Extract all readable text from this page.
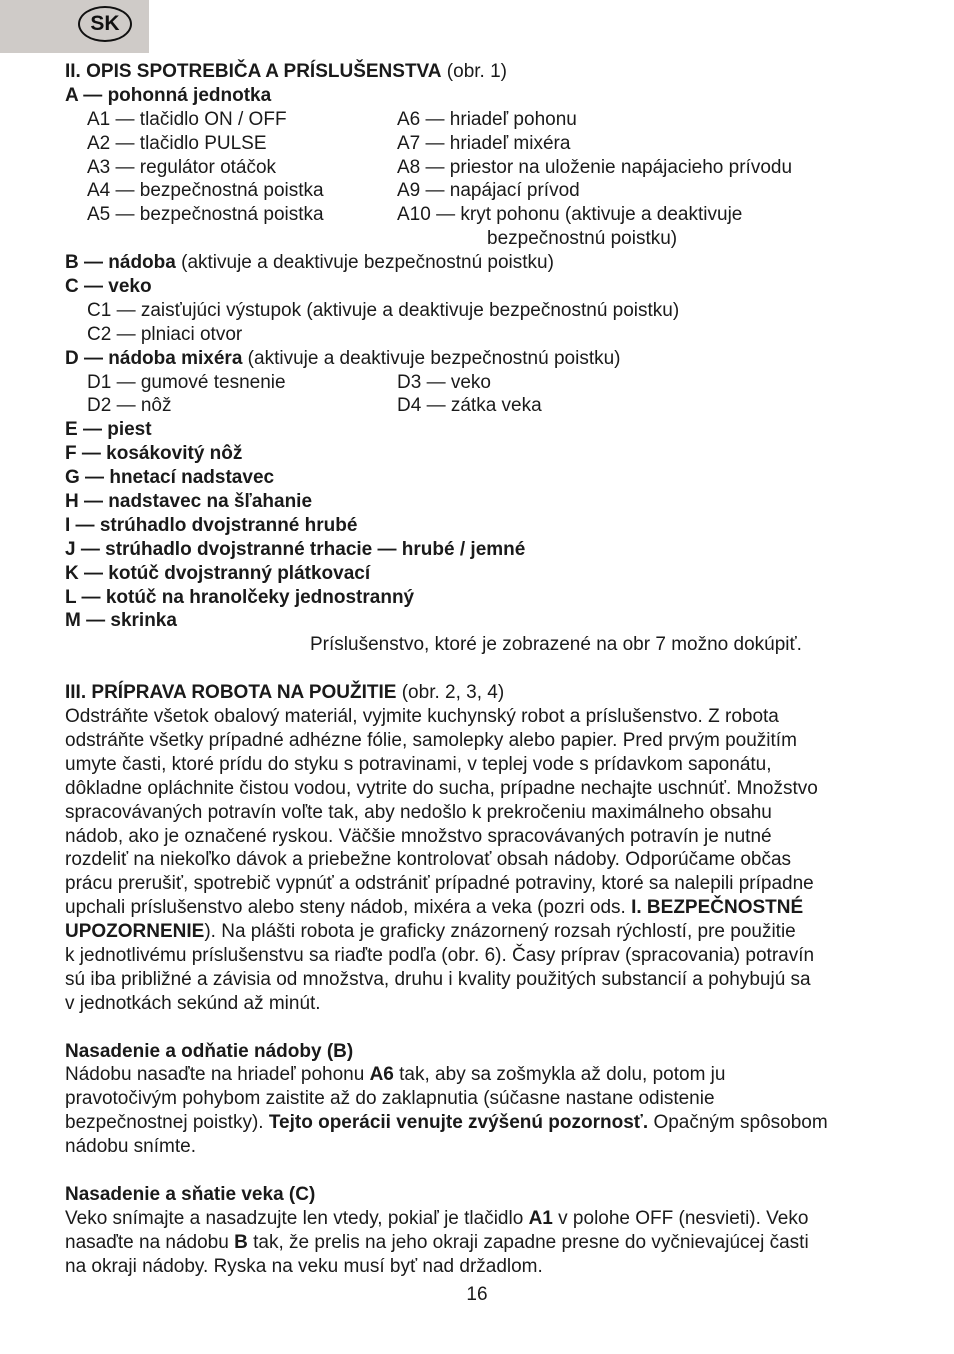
SK
II. OPIS SPOTREBIČA A PRÍSLUŠENSTVA (obr. 1)
A — pohonná jednotka
A1 — tlačidlo ON / OFF	A6 — hriadeľ pohonu
A2 — tlačidlo PULSE	A7 — hriadeľ mixéra
A3 — regulátor otáčok	A8 — priestor na uloženie napájacieho prívodu
A4 — bezpečnostná poistka	A9 — napájací prívod
A5 — bezpečnostná poistka	A10 — kryt pohonu (aktivuje a deaktivuje
bezpečnostnú poistku)
B — nádoba (aktivuje a deaktivuje bezpečnostnú poistku)
C — veko
C1 — zaisťujúci výstupok (aktivuje a deaktivuje bezpečnostnú poistku)
C2 — plniaci otvor
D — nádoba mixéra (aktivuje a deaktivuje bezpečnostnú poistku)
D1 — gumové tesnenie	D3 — veko
D2 — nôž	D4 — zátka veka
E — piest
F — kosákovitý nôž
G — hnetací nadstavec
H — nadstavec na šľahanie
I — strúhadlo dvojstranné hrubé
J — strúhadlo dvojstranné trhacie — hrubé / jemné
K — kotúč dvojstranný plátkovací
L — kotúč na hranolčeky jednostranný
M — skrinka
Príslušenstvo, ktoré je zobrazené na obr 7 možno dokúpiť.
III. PRÍPRAVA ROBOTA NA POUŽITIE (obr. 2, 3, 4)

Odstráňte všetok obalový materiál, vyjmite kuchynský robot a príslušenstvo. Z robota

odstráňte všetky prípadné adhézne fólie, samolepky alebo papier. Pred prvým použitím

umyte časti, ktoré prídu do styku s potravinami, v teplej vode s prídavkom saponátu,

dôkladne opláchnite čistou vodou, vytrite do sucha, prípadne nechajte uschnúť. Množstvo

spracovávaných potravín voľte tak, aby nedošlo k prekročeniu maximálneho obsahu

nádob, ako je označené ryskou. Väčšie množstvo spracovávaných potravín je nutné

rozdeliť na niekoľko dávok a priebežne kontrolovať obsah nádoby. Odporúčame občas

prácu prerušiť, spotrebič vypnúť a odstrániť prípadné potraviny, ktoré sa nalepili prípadne

upchali príslušenstvo alebo steny nádob, mixéra a veka (pozri ods. I. BEZPEČNOSTNÉ

UPOZORNENIE). Na plášti robota je graficky znázornený rozsah rýchlostí, pre použitie

k jednotlivému príslušenstvu sa riaďte podľa (obr. 6). Časy príprav (spracovania) potravín

sú iba približné a závisia od množstva, druhu i kvality použitých substancií a pohybujú sa

v jednotkách sekúnd až minút.

Nasadenie a odňatie nádoby (B)

Nádobu nasaďte na hriadeľ pohonu A6 tak, aby sa zošmykla až dolu, potom ju

pravotočivým pohybom zaistite až do zaklapnutia (súčasne nastane odistenie

bezpečnostnej poistky). Tejto operácii venujte zvýšenú pozornosť. Opačným spôsobom

nádobu snímte.

Nasadenie a sňatie veka (C)

Veko snímajte a nasadzujte len vtedy, pokiaľ je tlačidlo A1 v polohe OFF (nesvieti). Veko

nasaďte na nádobu B tak, že prelis na jeho okraji zapadne presne do vyčnievajúcej časti

na okraji nádoby. Ryska na veku musí byť nad držadlom.

16
